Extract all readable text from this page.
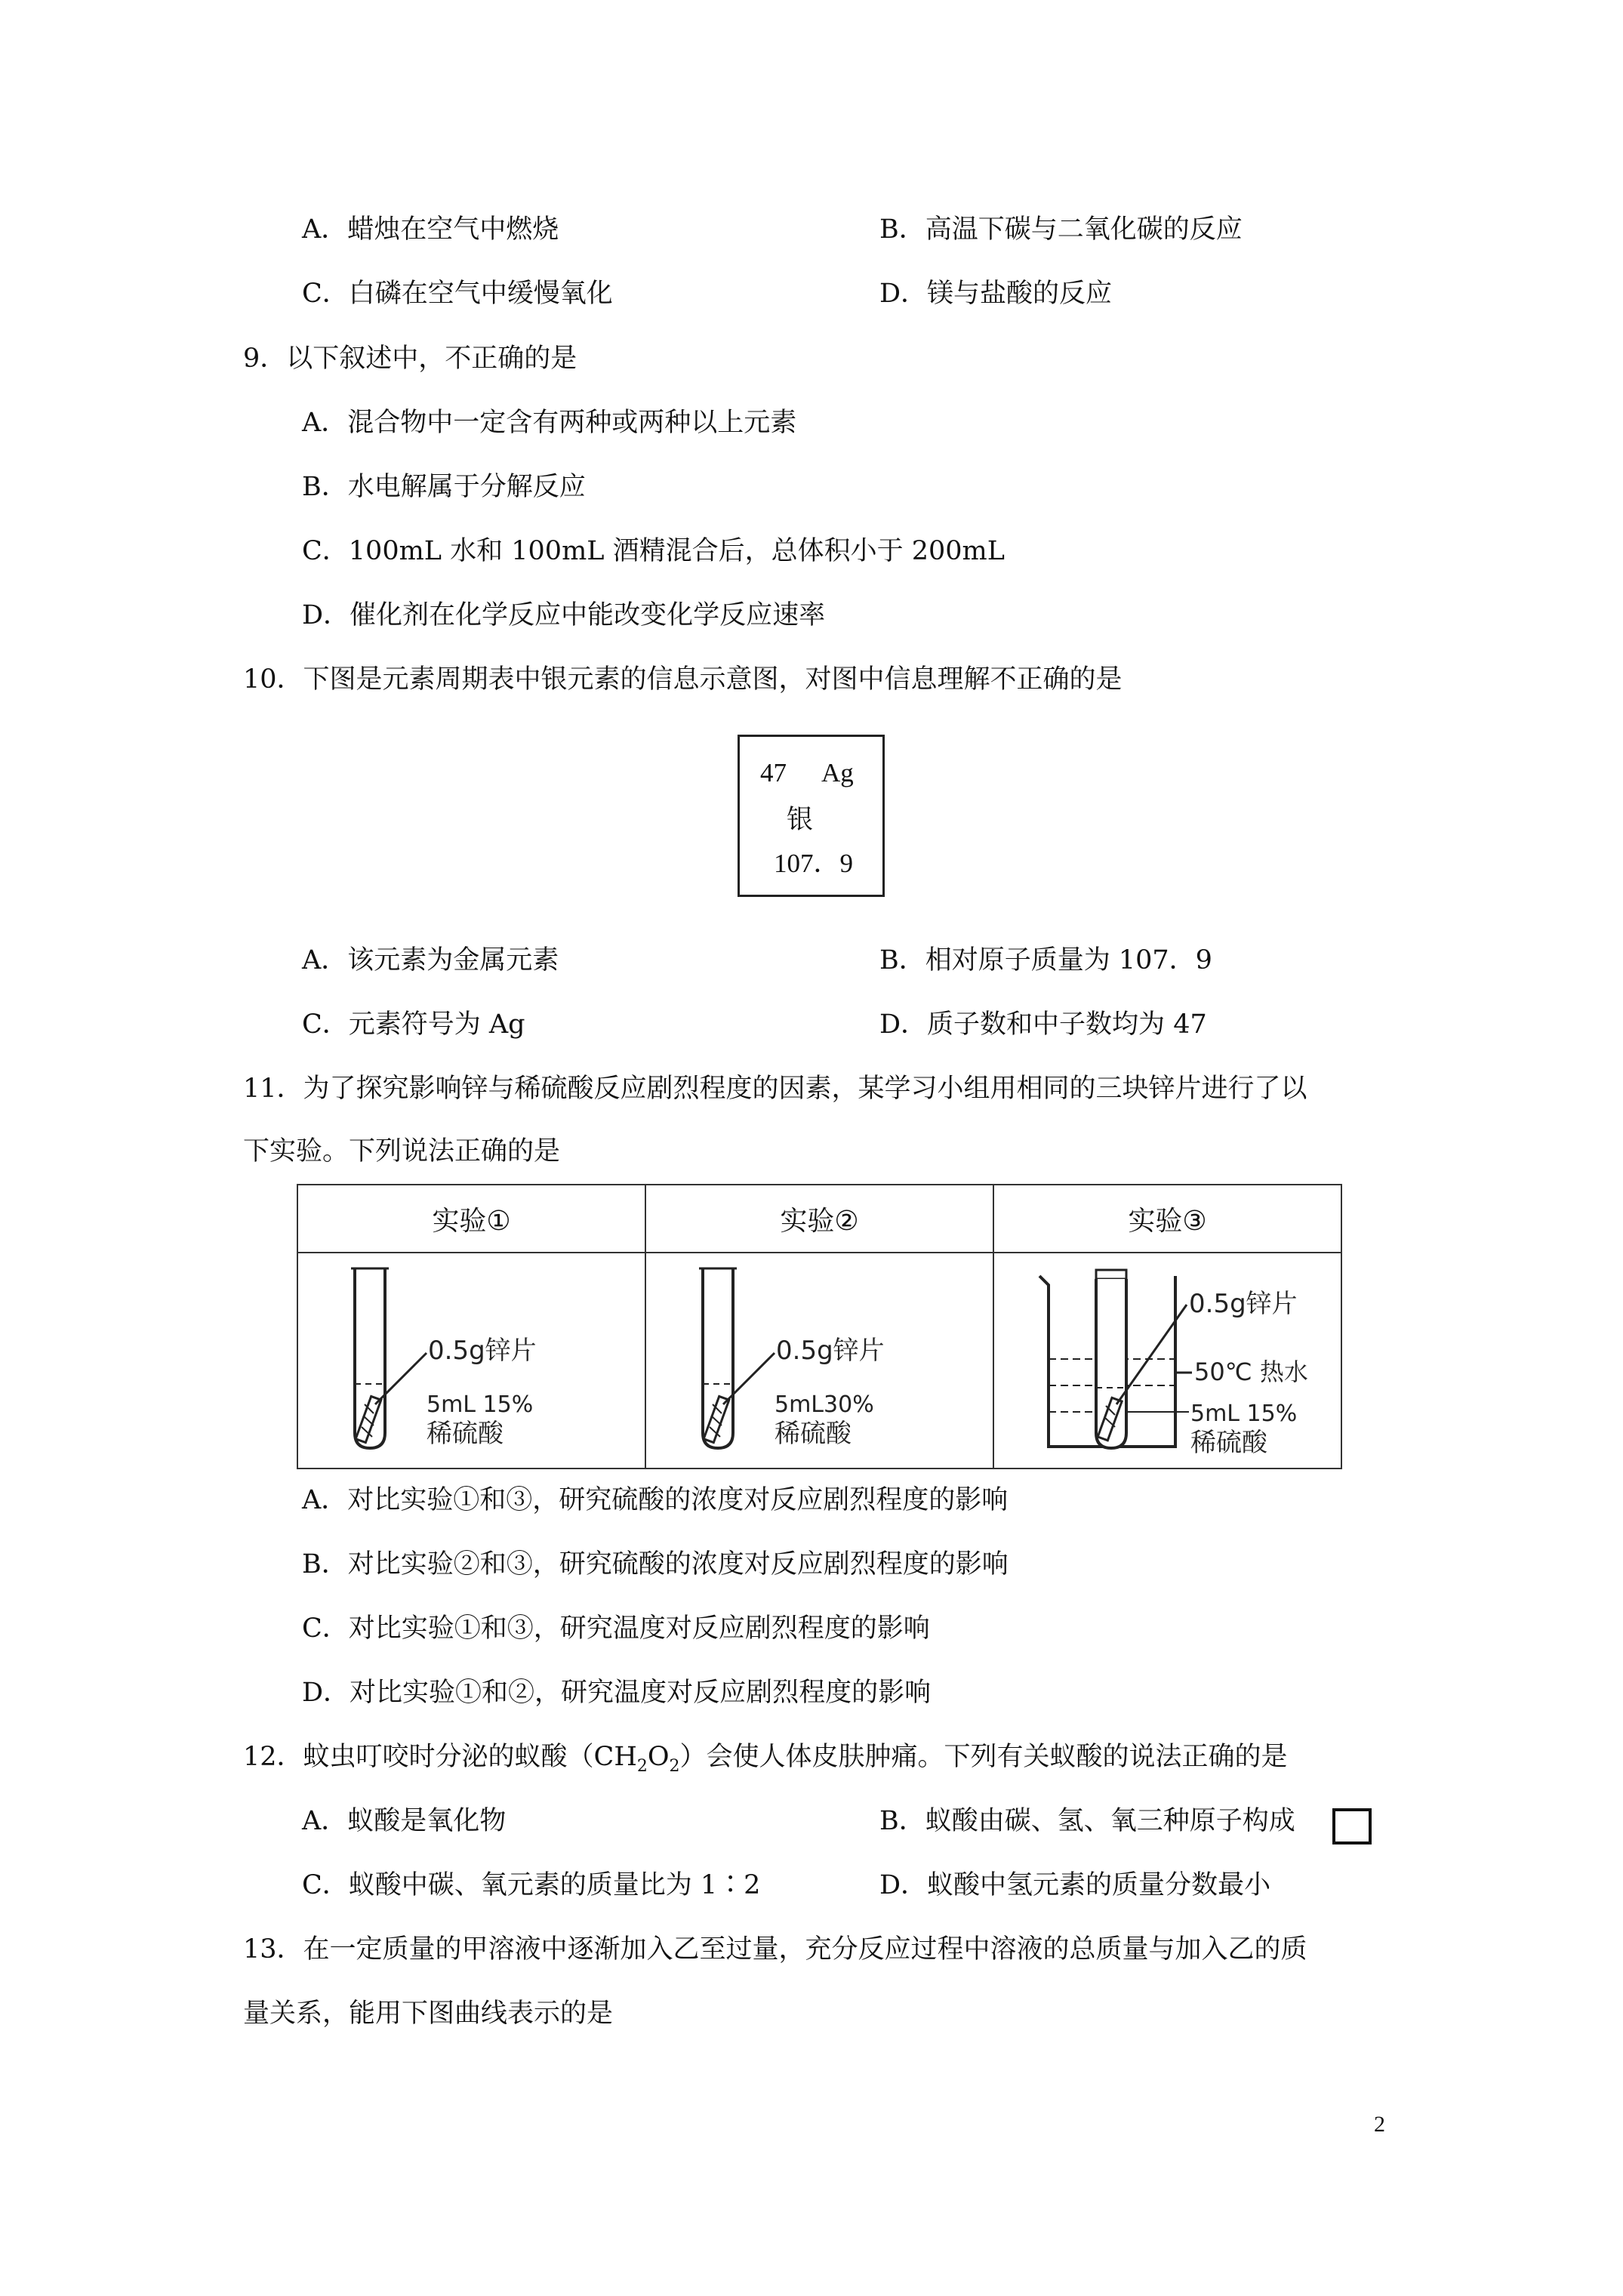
A．蜡烛在空气中燃烧	B．高温下碳与二氧化碳的反应
C．白磷在空气中缓慢氧化	D．镁与盐酸的反应
9．以下叙述中，不正确的是
A．混合物中一定含有两种或两种以上元素
B．水电解属于分解反应
C．100mL 水和 100mL 酒精混合后，总体积小于 200mL
D．催化剂在化学反应中能改变化学反应速率
10．下图是元素周期表中银元素的信息示意图，对图中信息理解不正确的是
47 Ag
银
107．9
A．该元素为金属元素	B．相对原子质量为 107．9
C．元素符号为 Ag	D．质子数和中子数均为 47
11．为了探究影响锌与稀硫酸反应剧烈程度的因素，某学习小组用相同的三块锌片进行了以
下实验。下列说法正确的是
实验①	实验②	实验③

0.5g锌片
5mL 15%
稀硫酸	0.5g锌片
5mL30%
稀硫酸	0.5g锌片
50℃ 热水
5mL 15%
稀硫酸
A．对比实验①和③，研究硫酸的浓度对反应剧烈程度的影响
B．对比实验②和③，研究硫酸的浓度对反应剧烈程度的影响
C．对比实验①和③，研究温度对反应剧烈程度的影响
D．对比实验①和②，研究温度对反应剧烈程度的影响
12．蚊虫叮咬时分泌的蚁酸$(CH_2O_2)$会使人体皮肤肿痛。下列有关蚁酸的说法正确的是
A．蚁酸是氧化物	B．蚁酸由碳、氢、氧三种原子构成
C．蚁酸中碳、氧元素的质量比为 1∶2	D．蚁酸中氢元素的质量分数最小
13．在一定质量的甲溶液中逐渐加入乙至过量，充分反应过程中溶液的总质量与加入乙的质
量关系，能用下图曲线表示的是
2
